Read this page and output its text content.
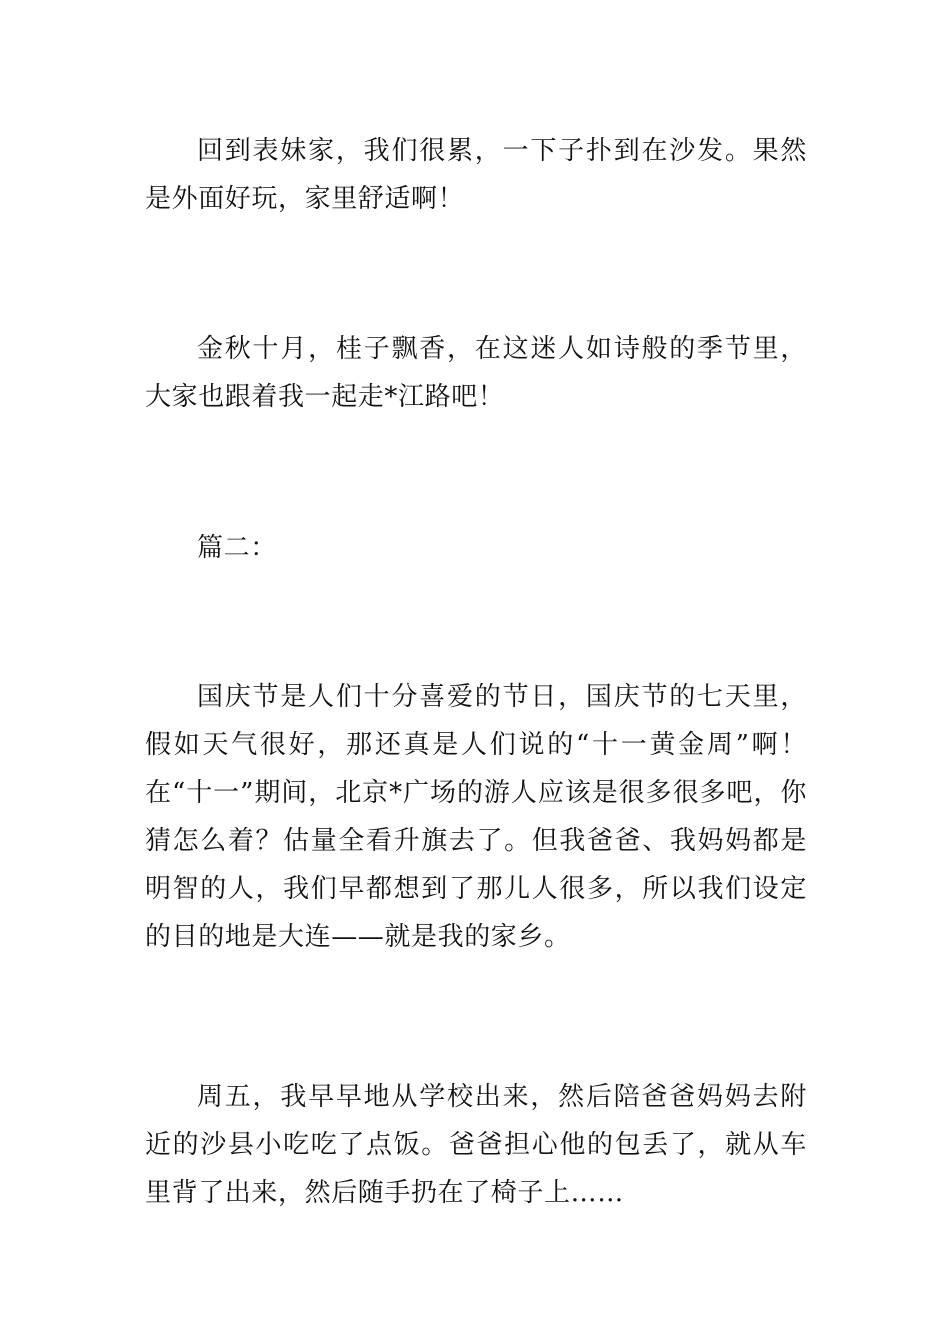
回到表妹家，我们很累，一下子扑到在沙发。果然是外面好玩，家里舒适啊！

金秋十月，桂子飘香，在这迷人如诗般的季节里，大家也跟着我一起走*江路吧！

篇二：

国庆节是人们十分喜爱的节日，国庆节的七天里，假如天气很好，那还真是人们说的“十一黄金周”啊！在“十一”期间，北京*广场的游人应该是很多很多吧，你猜怎么着？估量全看升旗去了。但我爸爸、我妈妈都是明智的人，我们早都想到了那儿人很多，所以我们设定的目的地是大连——就是我的家乡。

周五，我早早地从学校出来，然后陪爸爸妈妈去附近的沙县小吃吃了点饭。爸爸担心他的包丢了，就从车里背了出来，然后随手扔在了椅子上……
